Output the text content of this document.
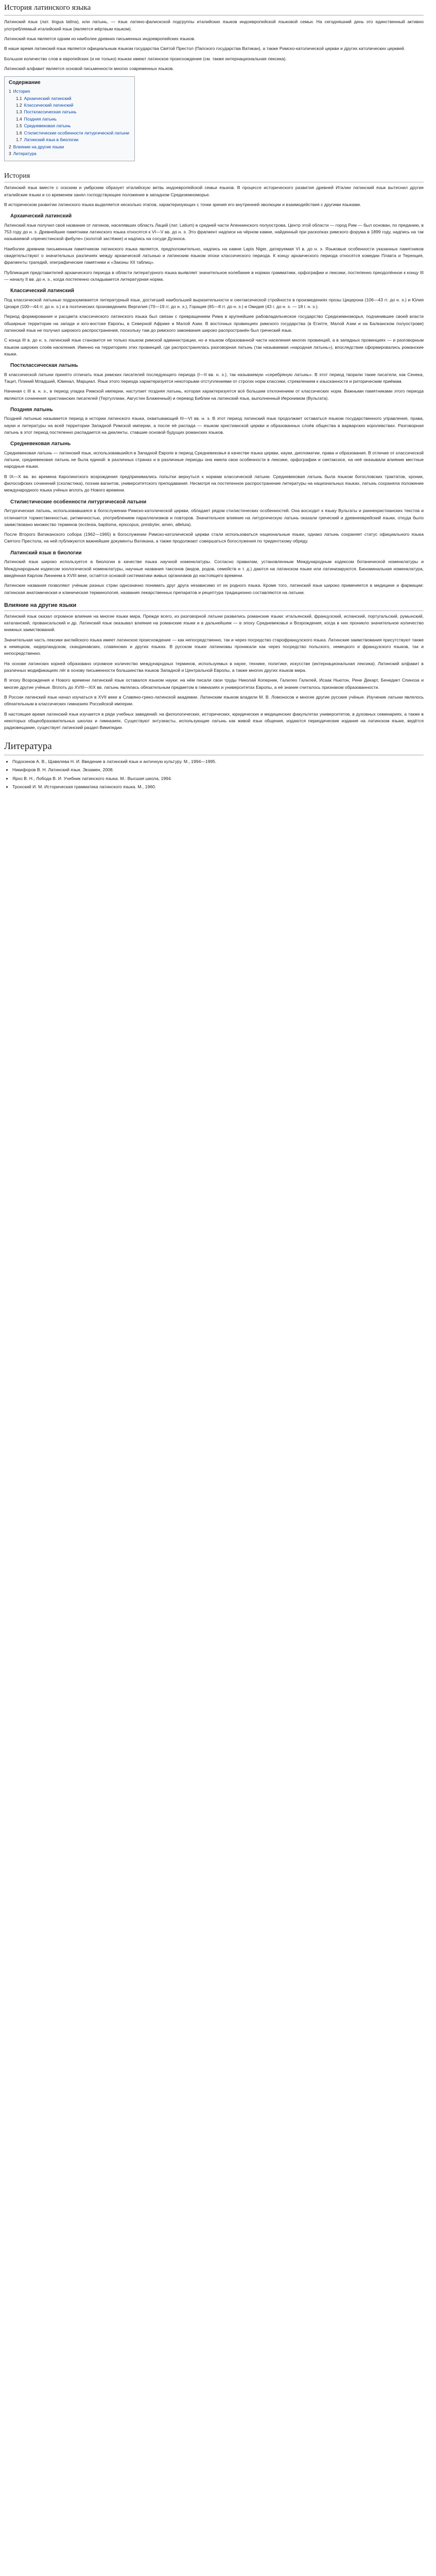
История латинского языка

Латинский язык (лат. lingua latīna), или латынь, — язык латино-фалискской подгруппы италийских языков индоевропейской языковой семьи. На сегодняшний день это единственный активно употребляемый италийский язык (является мёртвым языком).

Латинский язык является одним из наиболее древних письменных индоевропейских языков.

В наше время латинский язык является официальным языком государства Святой Престол (Папского государства Ватикан), а также Римско-католической церкви и других католических церквей.

Большое количество слов в европейских (и не только) языках имеют латинское происхождение (см. также интернациональная лексика).

Латинский алфавит является основой письменности многих современных языков.

Содержание
1 История
1.1 Архаический латинский
1.2 Классический латинский
1.3 Постклассическая латынь
1.4 Поздняя латынь
1.5 Средневековая латынь
1.6 Стилистические особенности литургической латыни
1.7 Латинский язык в биологии
2 Влияние на другие языки
3 Литература
История

Латинский язык вместе с оскским и умбрским образует италийскую ветвь индоевропейской семьи языков. В процессе исторического развития древней Италии латинский язык вытеснил другие италийские языки и со временем занял господствующее положение в западном Средиземноморье.

В историческом развитии латинского языка выделяется несколько этапов, характеризующих с точки зрения его внутренней эволюции и взаимодействия с другими языками.

Архаический латинский

Латинский язык получил своё название от латинов, населявших область Лаций (лат. Latium) в средней части Апеннинского полуострова. Центр этой области — город Рим — был основан, по преданию, в 753 году до н. э. Древнейшие памятники латинского языка относятся к VI—V вв. до н. э. Это фрагмент надписи на чёрном камне, найденный при раскопках римского форума в 1899 году, надпись на так называемой «пренестинской фибуле» (золотой застёжке) и надпись на сосуде Дуэноса.

Наиболее древним письменным памятником латинского языка является, предположительно, надпись на камне Lapis Niger, датируемая VI в. до н. э. Языковые особенности указанных памятников свидетельствуют о значительных различиях между архаической латынью и латинским языком эпохи классического периода. К концу архаического периода относятся комедии Плавта и Теренция, фрагменты трагедий, эпиграфические памятники и «Законы XII таблиц».

Публикация представителей архаического периода в области литературного языка выявляет значительное колебание в нормах грамматики, орфографии и лексики, постепенно преодолённое к концу III — началу II вв. до н. э., когда постепенно складывается литературная норма.

Классический латинский

Под классической латынью подразумевается литературный язык, достигший наибольшей выразительности и синтаксической стройности в произведениях прозы Цицерона (106—43 гг. до н. э.) и Юлия Цезаря (100—44 гг. до н. э.) и в поэтических произведениях Вергилия (70—19 гг. до н. э.), Горация (65—8 гг. до н. э.) и Овидия (43 г. до н. э. — 18 г. н. э.).

Период формирования и расцвета классического латинского языка был связан с превращением Рима в крупнейшее рабовладельческое государство Средиземноморья, подчинившее своей власти обширные территории на западе и юго-востоке Европы, в Северной Африке и Малой Азии. В восточных провинциях римского государства (в Египте, Малой Азии и на Балканском полуострове) латинский язык не получил широкого распространения, поскольку там до римского завоевания широко распространён был греческий язык.

С конца III в. до н. э. латинский язык становится не только языком римской администрации, но и языком образованной части населения многих провинций, а в западных провинциях — и разговорным языком широких слоёв населения. Именно на территориях этих провинций, где распространялась разговорная латынь (так называемая «народная латынь»), впоследствии сформировались романские языки.

Постклассическая латынь

В классической латыни принято отличать язык римских писателей последующего периода (I—II вв. н. э.), так называемую «серебряную латынь». В этот период творили такие писатели, как Сенека, Тацит, Плиний Младший, Ювенал, Марциал. Язык этого периода характеризуется некоторыми отступлениями от строгих норм классики, стремлением к изысканности и риторическим приёмам.

Начиная с III в. н. э., в период упадка Римской империи, наступает поздняя латынь, которая характеризуется всё большим отклонением от классических норм. Важными памятниками этого периода являются сочинения христианских писателей (Тертуллиан, Августин Блаженный) и перевод Библии на латинский язык, выполненный Иеронимом (Вульгата).

Поздняя латынь

Поздней латынью называется период в истории латинского языка, охватывающий III—VI вв. н. э. В этот период латинский язык продолжает оставаться языком государственного управления, права, науки и литературы на всей территории Западной Римской империи, а после её распада — языком христианской церкви и образованных слоёв общества в варварских королевствах. Разговорная латынь в этот период постепенно распадается на диалекты, ставшие основой будущих романских языков.

Средневековая латынь

Средневековая латынь — латинский язык, использовавшийся в Западной Европе в период Средневековья в качестве языка церкви, науки, дипломатии, права и образования. В отличие от классической латыни, средневековая латынь не была единой: в различных странах и в различные периоды она имела свои особенности в лексике, орфографии и синтаксисе, на неё оказывали влияние местные народные языки.

В IX—X вв. во времена Каролингского возрождения предпринимались попытки вернуться к нормам классической латыни. Средневековая латынь была языком богословских трактатов, хроник, философских сочинений (схоластика), поэзии вагантов, университетского преподавания. Несмотря на постепенное распространение литературы на национальных языках, латынь сохраняла положение международного языка учёных вплоть до Нового времени.

Стилистические особенности литургической латыни

Литургическая латынь, использовавшаяся в богослужении Римско-католической церкви, обладает рядом стилистических особенностей. Она восходит к языку Вульгаты и раннехристианских текстов и отличается торжественностью, ритмичностью, употреблением параллелизмов и повторов. Значительное влияние на литургическую латынь оказали греческий и древнееврейский языки, откуда было заимствовано множество терминов (ecclesia, baptisma, episcopus, presbyter, amen, alleluia).

После Второго Ватиканского собора (1962—1965) в богослужении Римско-католической церкви стали использоваться национальные языки, однако латынь сохраняет статус официального языка Святого Престола, на ней публикуются важнейшие документы Ватикана, а также продолжают совершаться богослужения по тридентскому обряду.

Латинский язык в биологии

Латинский язык широко используется в биологии в качестве языка научной номенклатуры. Согласно правилам, установленным Международным кодексом ботанической номенклатуры и Международным кодексом зоологической номенклатуры, научные названия таксонов (видов, родов, семейств и т. д.) даются на латинском языке или латинизируются. Биноминальная номенклатура, введённая Карлом Линнеем в XVIII веке, остаётся основой систематики живых организмов до настоящего времени.

Латинские названия позволяют учёным разных стран однозначно понимать друг друга независимо от их родного языка. Кроме того, латинский язык широко применяется в медицине и фармации: латинская анатомическая и клиническая терминология, названия лекарственных препаратов и рецептура традиционно составляются на латыни.

Влияние на другие языки

Латинский язык оказал огромное влияние на многие языки мира. Прежде всего, из разговорной латыни развились романские языки: итальянский, французский, испанский, португальский, румынский, каталанский, провансальский и др. Латинский язык оказывал влияние на романские языки и в дальнейшем — в эпоху Средневековья и Возрождения, когда в них проникло значительное количество книжных заимствований.

Значительная часть лексики английского языка имеет латинское происхождение — как непосредственно, так и через посредство старофранцузского языка. Латинские заимствования присутствуют также в немецком, нидерландском, скандинавских, славянских и других языках. В русском языке латинизмы проникали как через посредство польского, немецкого и французского языков, так и непосредственно.

На основе латинских корней образовано огромное количество международных терминов, используемых в науке, технике, политике, искусстве (интернациональная лексика). Латинский алфавит в различных модификациях лёг в основу письменности большинства языков Западной и Центральной Европы, а также многих других языков мира.

В эпоху Возрождения и Нового времени латинский язык оставался языком науки: на нём писали свои труды Николай Коперник, Галилео Галилей, Исаак Ньютон, Рене Декарт, Бенедикт Спиноза и многие другие учёные. Вплоть до XVIII—XIX вв. латынь являлась обязательным предметом в гимназиях и университетах Европы, а её знание считалось признаком образованности.

В России латинский язык начал изучаться в XVII веке в Славяно-греко-латинской академии. Латинским языком владели М. В. Ломоносов и многие другие русские учёные. Изучение латыни являлось обязательным в классических гимназиях Российской империи.

В настоящее время латинский язык изучается в ряде учебных заведений: на филологических, исторических, юридических и медицинских факультетах университетов, в духовных семинариях, а также в некоторых общеобразовательных школах и гимназиях. Существуют энтузиасты, использующие латынь как живой язык общения, издаются периодические издания на латинском языке, ведётся радиовещание, существует латинский раздел Википедии.

Литература
• Подосинов А. В., Щавелева Н. И. Введение в латинский язык и античную культуру. М., 1994—1995.
• Никифоров В. Н. Латинский язык. Экзамен, 2008.
• Ярхо В. Н., Лобода В. И. Учебник латинского языка. М.: Высшая школа, 1994.
• Тронский И. М. Историческая грамматика латинского языка. М., 1960.
